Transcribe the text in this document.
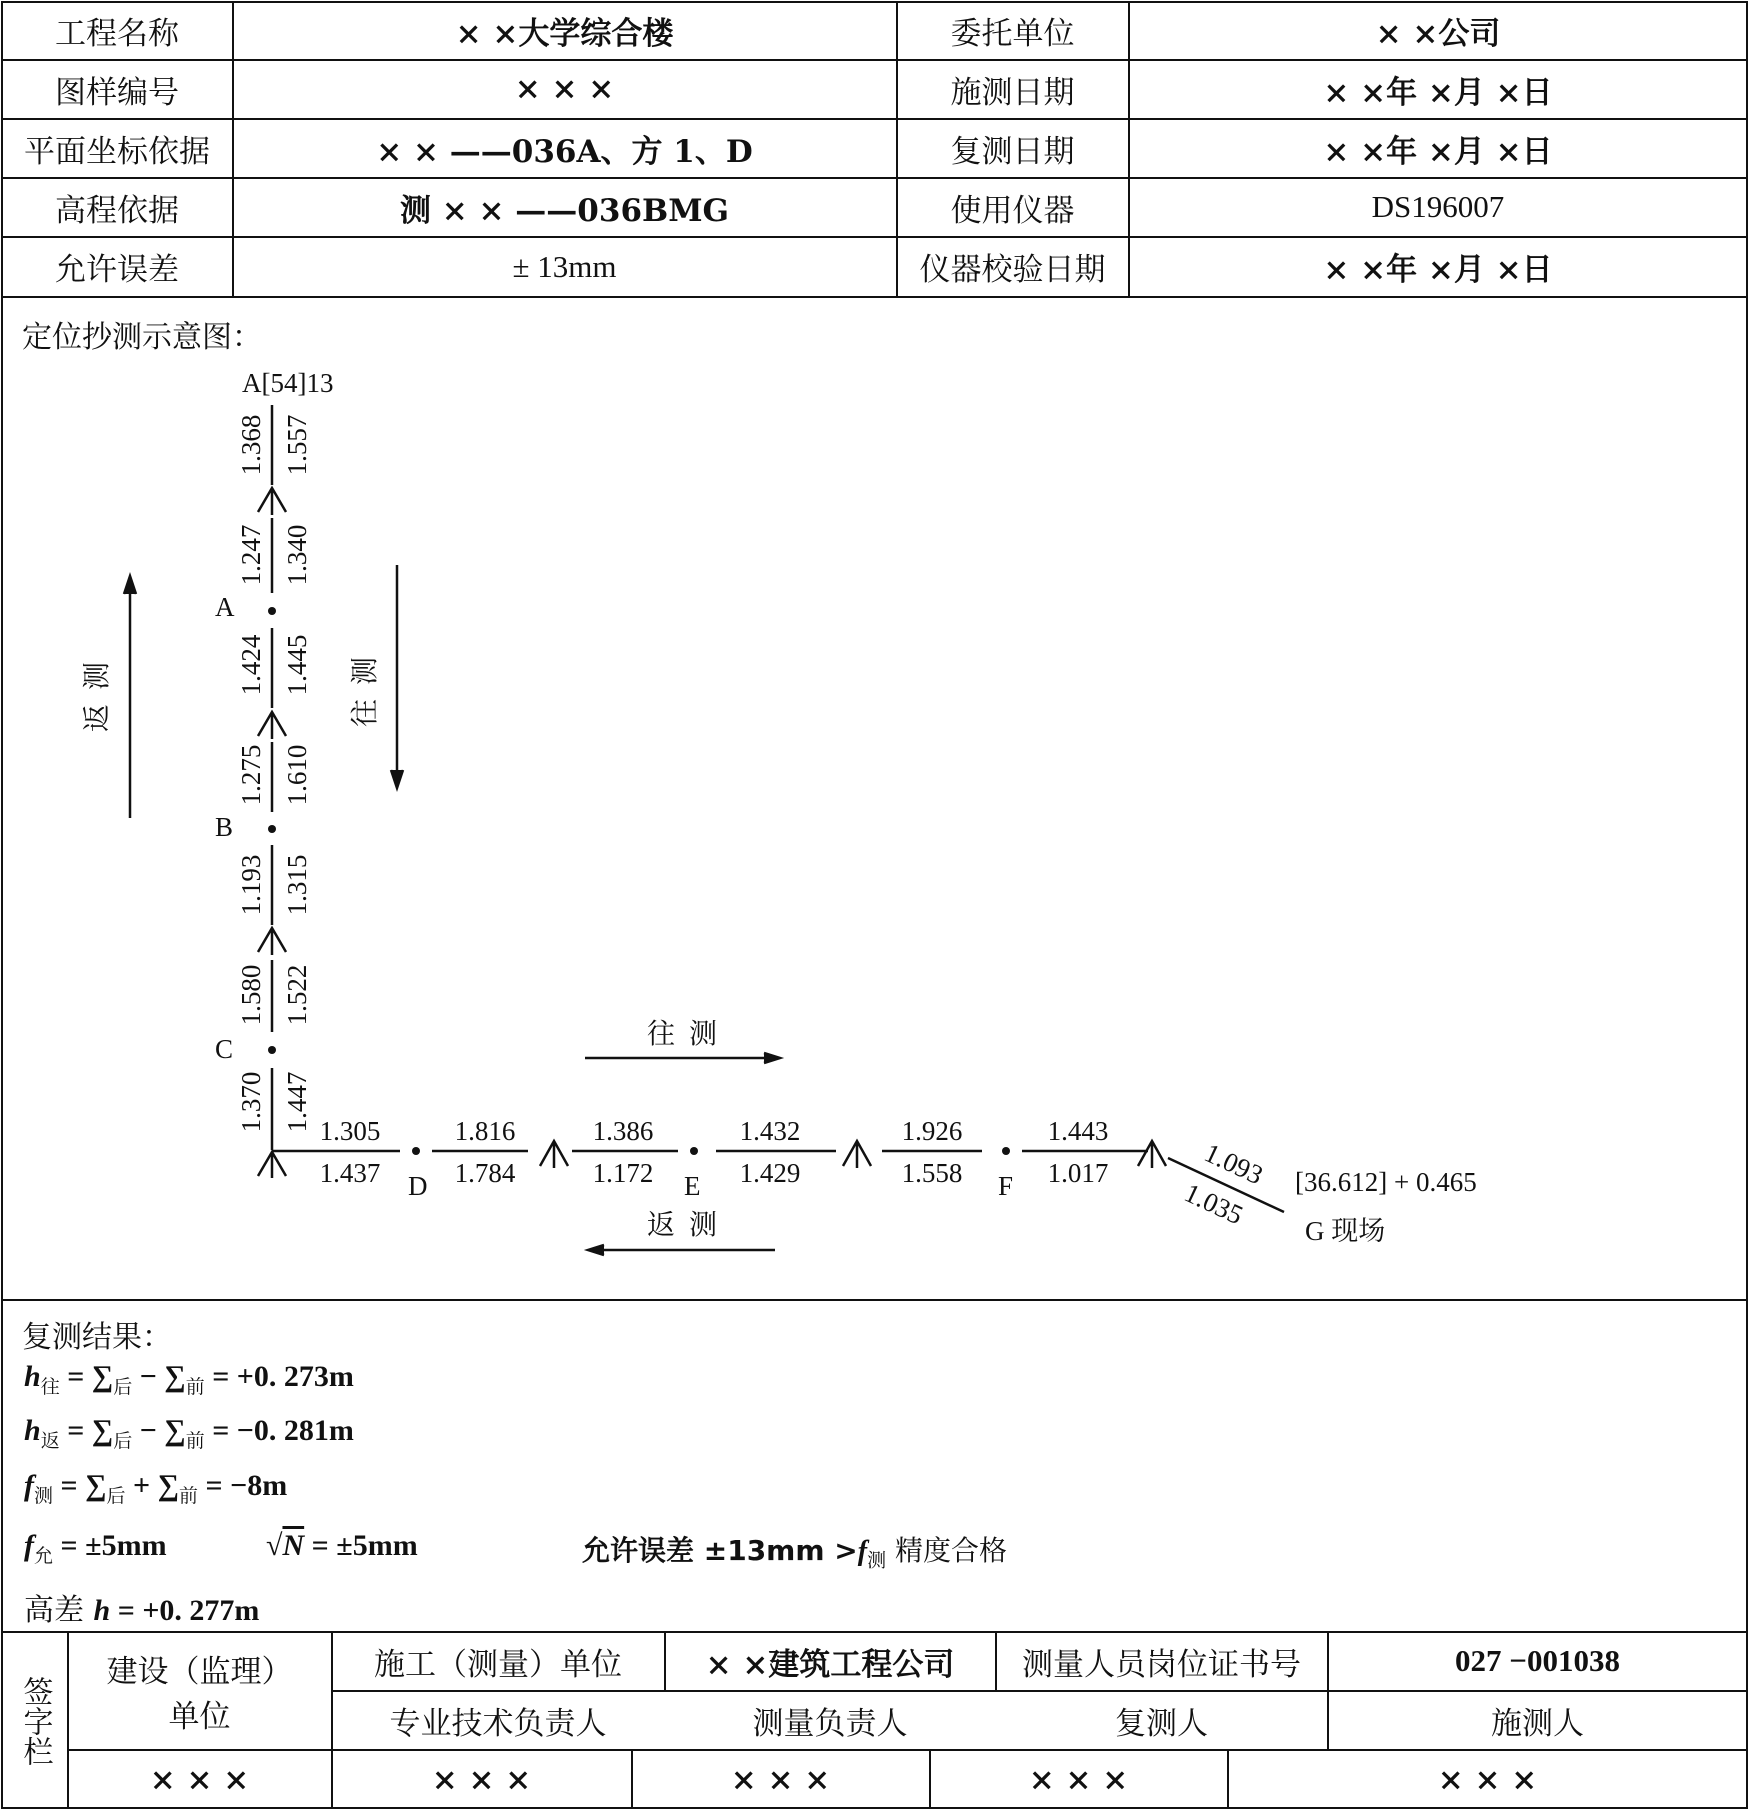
工程名称	× ×大学综合楼	委托单位	× ×公司
图样编号	× × ×	施测日期	× ×年 ×月 ×日
平面坐标依据	× × ——036A、方 1、D	复测日期	× ×年 ×月 ×日
高程依据	测 × × ——036BMG	使用仪器	DS196007
允许误差	± 13mm	仪器校验日期	× ×年 ×月 ×日
定位抄测示意图：
A[54]13
1.368 1.557
1.247 1.340
1.424 1.445
1.275 1.610
1.193 1.315
1.580 1.522
1.370 1.447
A
B
C
D	E	F
1.305
1.437
1.816
1.784
1.386
1.172
1.432
1.429
1.926
1.558
1.443
1.017	1.093
1.035 [36.612] + 0.465
G 现场
往  测
返  测
返测	往测
复测结果：
$h_往 = \sum_后 - \sum_前 = +0$. 273m
$h_返 = \sum_后 - \sum_前 = -0$. 281m
$f_测 = \sum_后 + \sum_前 = -8m$
$f_允 = \pm 5mm$	√N = ±5mm	允许误差 $\pm 13mm >f_测$ 精度合格
高差 h = +0. 277m
签字栏
建设（监理）
单位
施工（测量）单位	× ×建筑工程公司	测量人员岗位证书号	027 −001038
专业技术负责人	测量负责人	复测人	施测人
× × ×	× × ×	× × ×	× × ×	× × ×
